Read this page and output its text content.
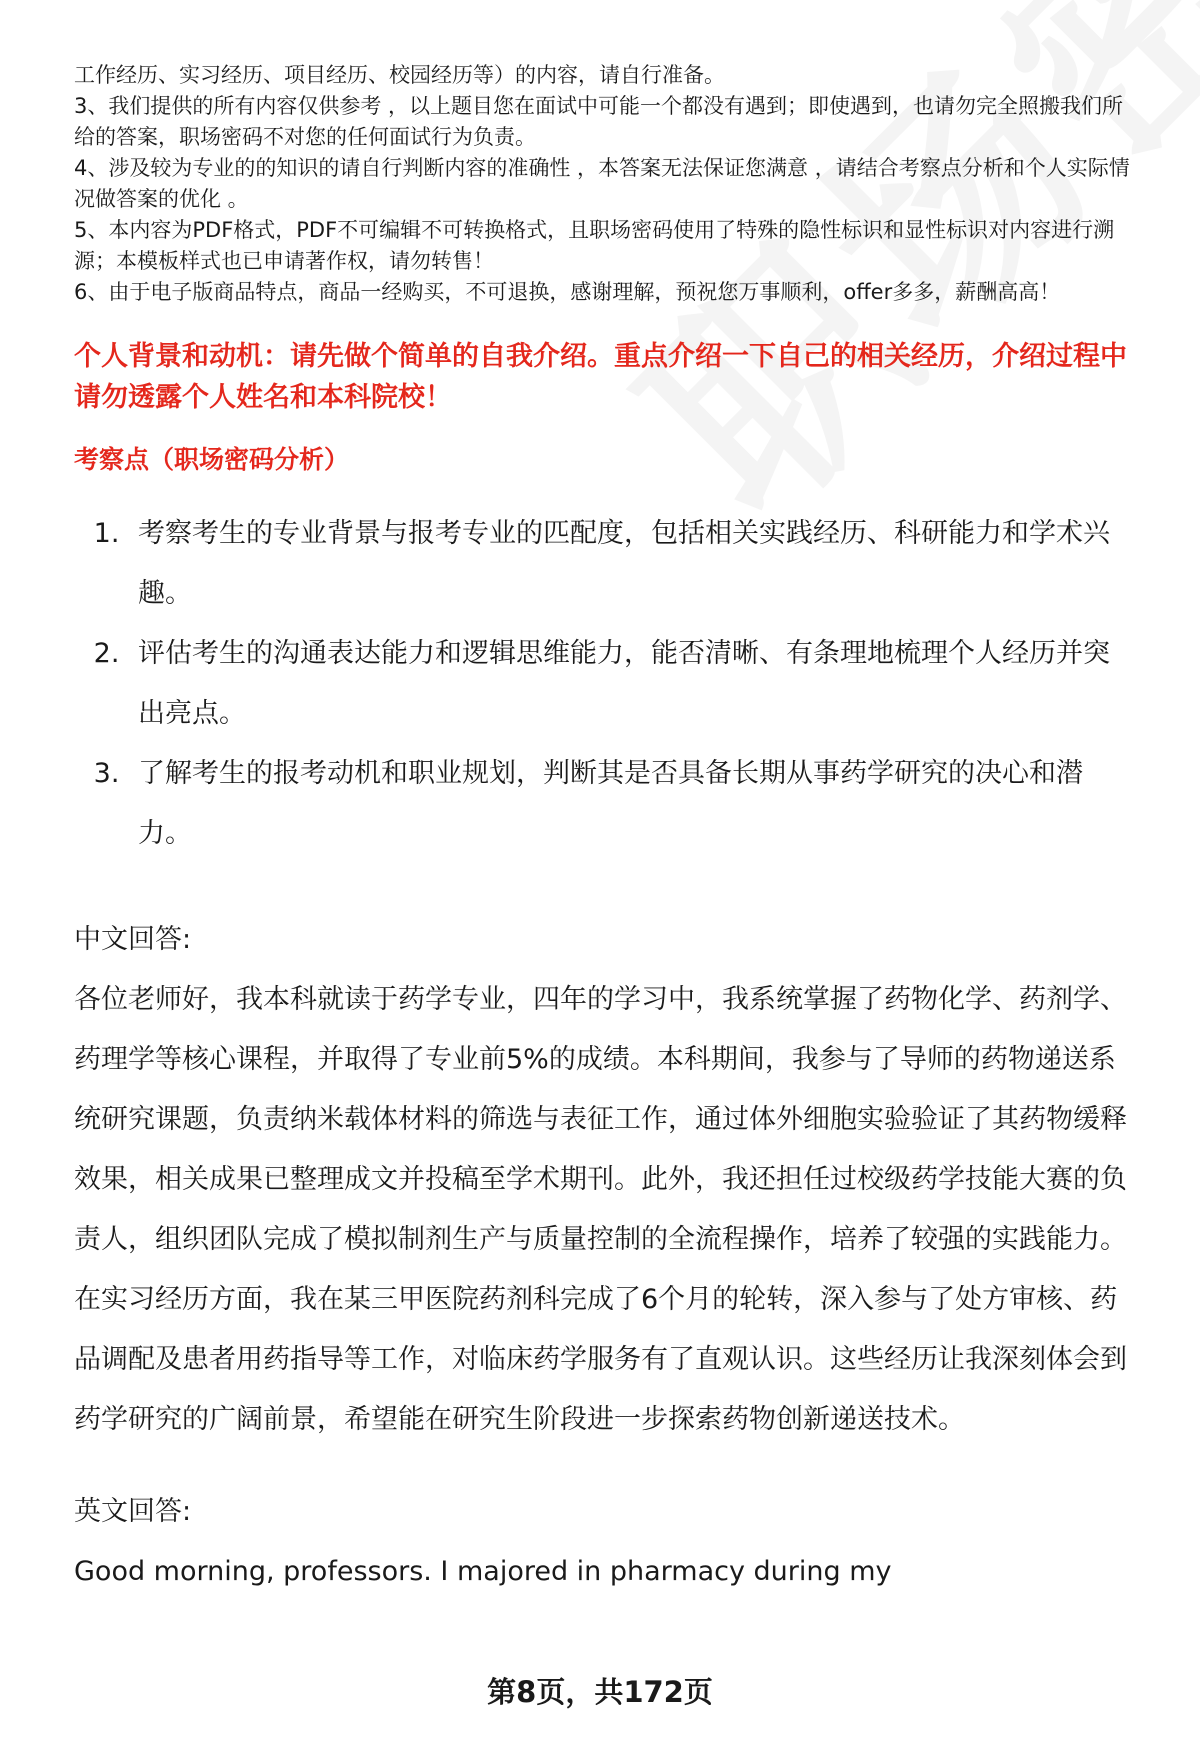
工作经历、实习经历、项目经历、校园经历等）的内容，请自行准备。

3、我们提供的所有内容仅供参考 ，以上题目您在面试中可能一个都没有遇到；即使遇到，也请勿完全照搬我们所给的答案，职场密码不对您的任何面试行为负责。

4、涉及较为专业的的知识的请自行判断内容的准确性 ，本答案无法保证您满意 ，请结合考察点分析和个人实际情况做答案的优化 。

5、本内容为PDF格式，PDF不可编辑不可转换格式，且职场密码使用了特殊的隐性标识和显性标识对内容进行溯源；本模板样式也已申请著作权，请勿转售！

6、由于电子版商品特点，商品一经购买，不可退换，感谢理解，预祝您万事顺利，offer多多，薪酬高高！

个人背景和动机：请先做个简单的自我介绍。重点介绍一下自己的相关经历，介绍过程中请勿透露个人姓名和本科院校！
考察点（职场密码分析）
1. 考察考生的专业背景与报考专业的匹配度，包括相关实践经历、科研能力和学术兴趣。
2. 评估考生的沟通表达能力和逻辑思维能力，能否清晰、有条理地梳理个人经历并突出亮点。
3. 了解考生的报考动机和职业规划，判断其是否具备长期从事药学研究的决心和潜力。
中文回答:

各位老师好，我本科就读于药学专业，四年的学习中，我系统掌握了药物化学、药剂学、药理学等核心课程，并取得了专业前5%的成绩。本科期间，我参与了导师的药物递送系统研究课题，负责纳米载体材料的筛选与表征工作，通过体外细胞实验验证了其药物缓释效果，相关成果已整理成文并投稿至学术期刊。此外，我还担任过校级药学技能大赛的负责人，组织团队完成了模拟制剂生产与质量控制的全流程操作，培养了较强的实践能力。在实习经历方面，我在某三甲医院药剂科完成了6个月的轮转，深入参与了处方审核、药品调配及患者用药指导等工作，对临床药学服务有了直观认识。这些经历让我深刻体会到药学研究的广阔前景，希望能在研究生阶段进一步探索药物创新递送技术。

英文回答:

Good morning, professors. I majored in pharmacy during my

第8页，共172页
